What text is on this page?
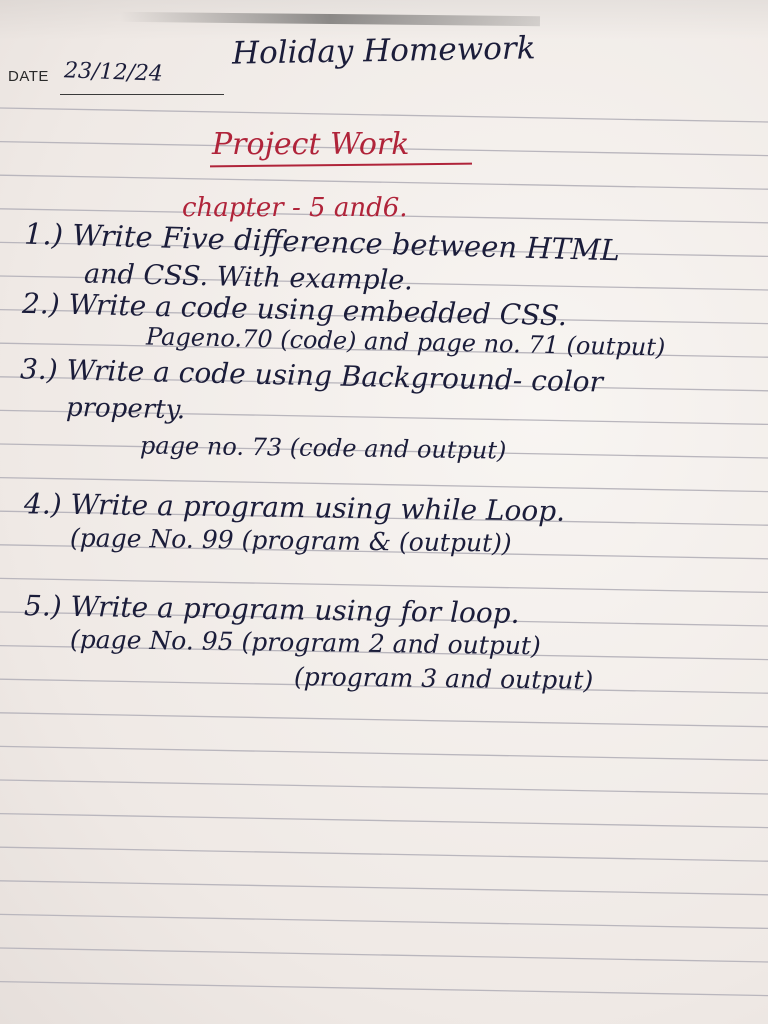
DATE 23/12/24
Holiday Homework
Project Work
chapter - 5 and6.
1.) Write Five difference between HTML
and CSS. With example.
2.) Write a code using embedded CSS.
Pageno.70 (code) and page no. 71 (output)
3.) Write a code using Background- color
property.
page no. 73 (code and output)
4.) Write a program using while Loop.
(page No. 99 (program & (output))
5.) Write a program using for loop.
(page No. 95 (program 2 and output)
(program 3 and output)
